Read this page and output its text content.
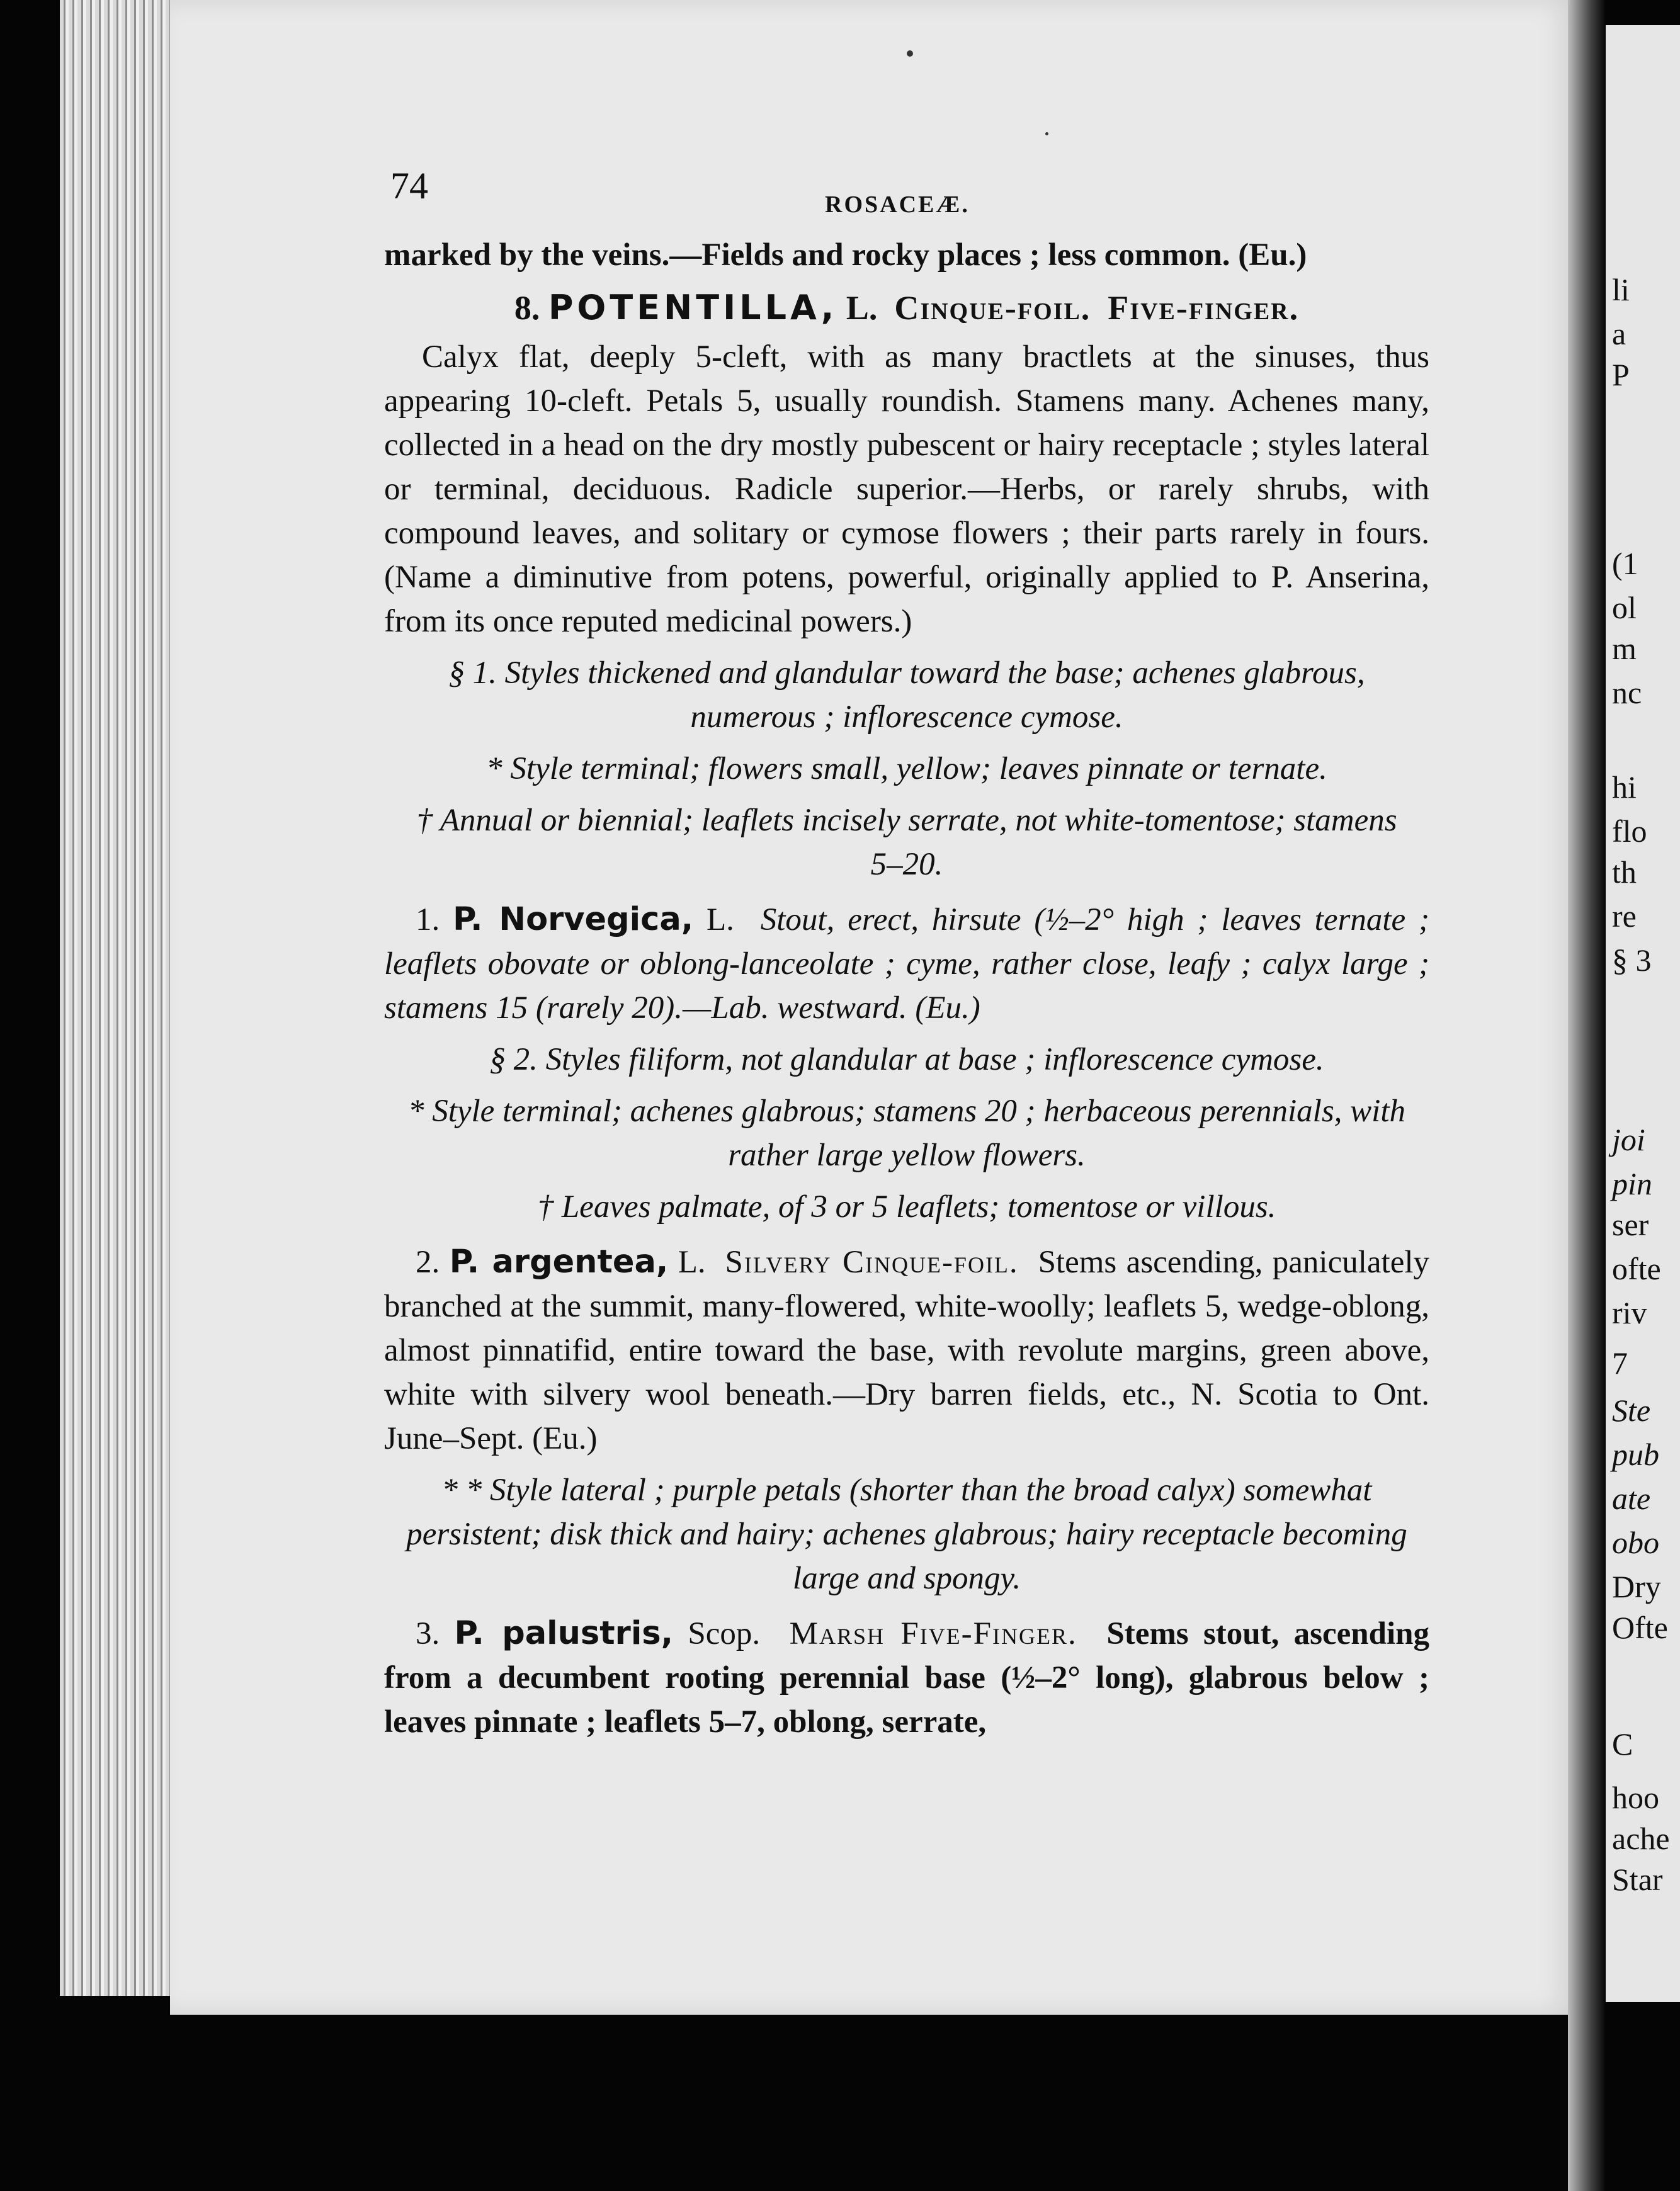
li
a
P
(1
ol
m
nc
hi
flo
th
re
§ 3
joi
pin
ser
ofte
riv
7
Ste
pub
ate
obo
Dry
Ofte
C
hoo
ache
Star
74	ROSACEÆ.

marked by the veins.—Fields and rocky places ; less common. (Eu.)

8. POTENTILLA, L. Cinque-foil. Five-finger.

Calyx flat, deeply 5-cleft, with as many bractlets at the sinuses, thus appearing 10-cleft. Petals 5, usually roundish. Stamens many. Achenes many, collected in a head on the dry mostly pubescent or hairy receptacle ; styles lateral or terminal, deciduous. Radicle superior.—Herbs, or rarely shrubs, with compound leaves, and solitary or cymose flowers ; their parts rarely in fours. (Name a diminutive from potens, powerful, originally applied to P. Anserina, from its once reputed medicinal powers.)

§ 1. Styles thickened and glandular toward the base; achenes glabrous, numerous ; inflorescence cymose.
* Style terminal; flowers small, yellow; leaves pinnate or ternate.
† Annual or biennial; leaflets incisely serrate, not white-tomentose; stamens 5–20.

1. P. Norvegica, L. Stout, erect, hirsute (½–2° high ; leaves ternate ; leaflets obovate or oblong-lanceolate ; cyme, rather close, leafy ; calyx large ; stamens 15 (rarely 20).—Lab. westward. (Eu.)

§ 2. Styles filiform, not glandular at base ; inflorescence cymose.
* Style terminal; achenes glabrous; stamens 20 ; herbaceous perennials, with rather large yellow flowers.
† Leaves palmate, of 3 or 5 leaflets; tomentose or villous.

2. P. argentea, L. Silvery Cinque-foil. Stems ascending, paniculately branched at the summit, many-flowered, white-woolly; leaflets 5, wedge-oblong, almost pinnatifid, entire toward the base, with revolute margins, green above, white with silvery wool beneath.—Dry barren fields, etc., N. Scotia to Ont. June–Sept. (Eu.)

* * Style lateral ; purple petals (shorter than the broad calyx) somewhat persistent; disk thick and hairy; achenes glabrous; hairy receptacle becoming large and spongy.

3. P. palustris, Scop. Marsh Five-Finger. Stems stout, ascending from a decumbent rooting perennial base (½–2° long), glabrous below ; leaves pinnate ; leaflets 5–7, oblong, serrate,
